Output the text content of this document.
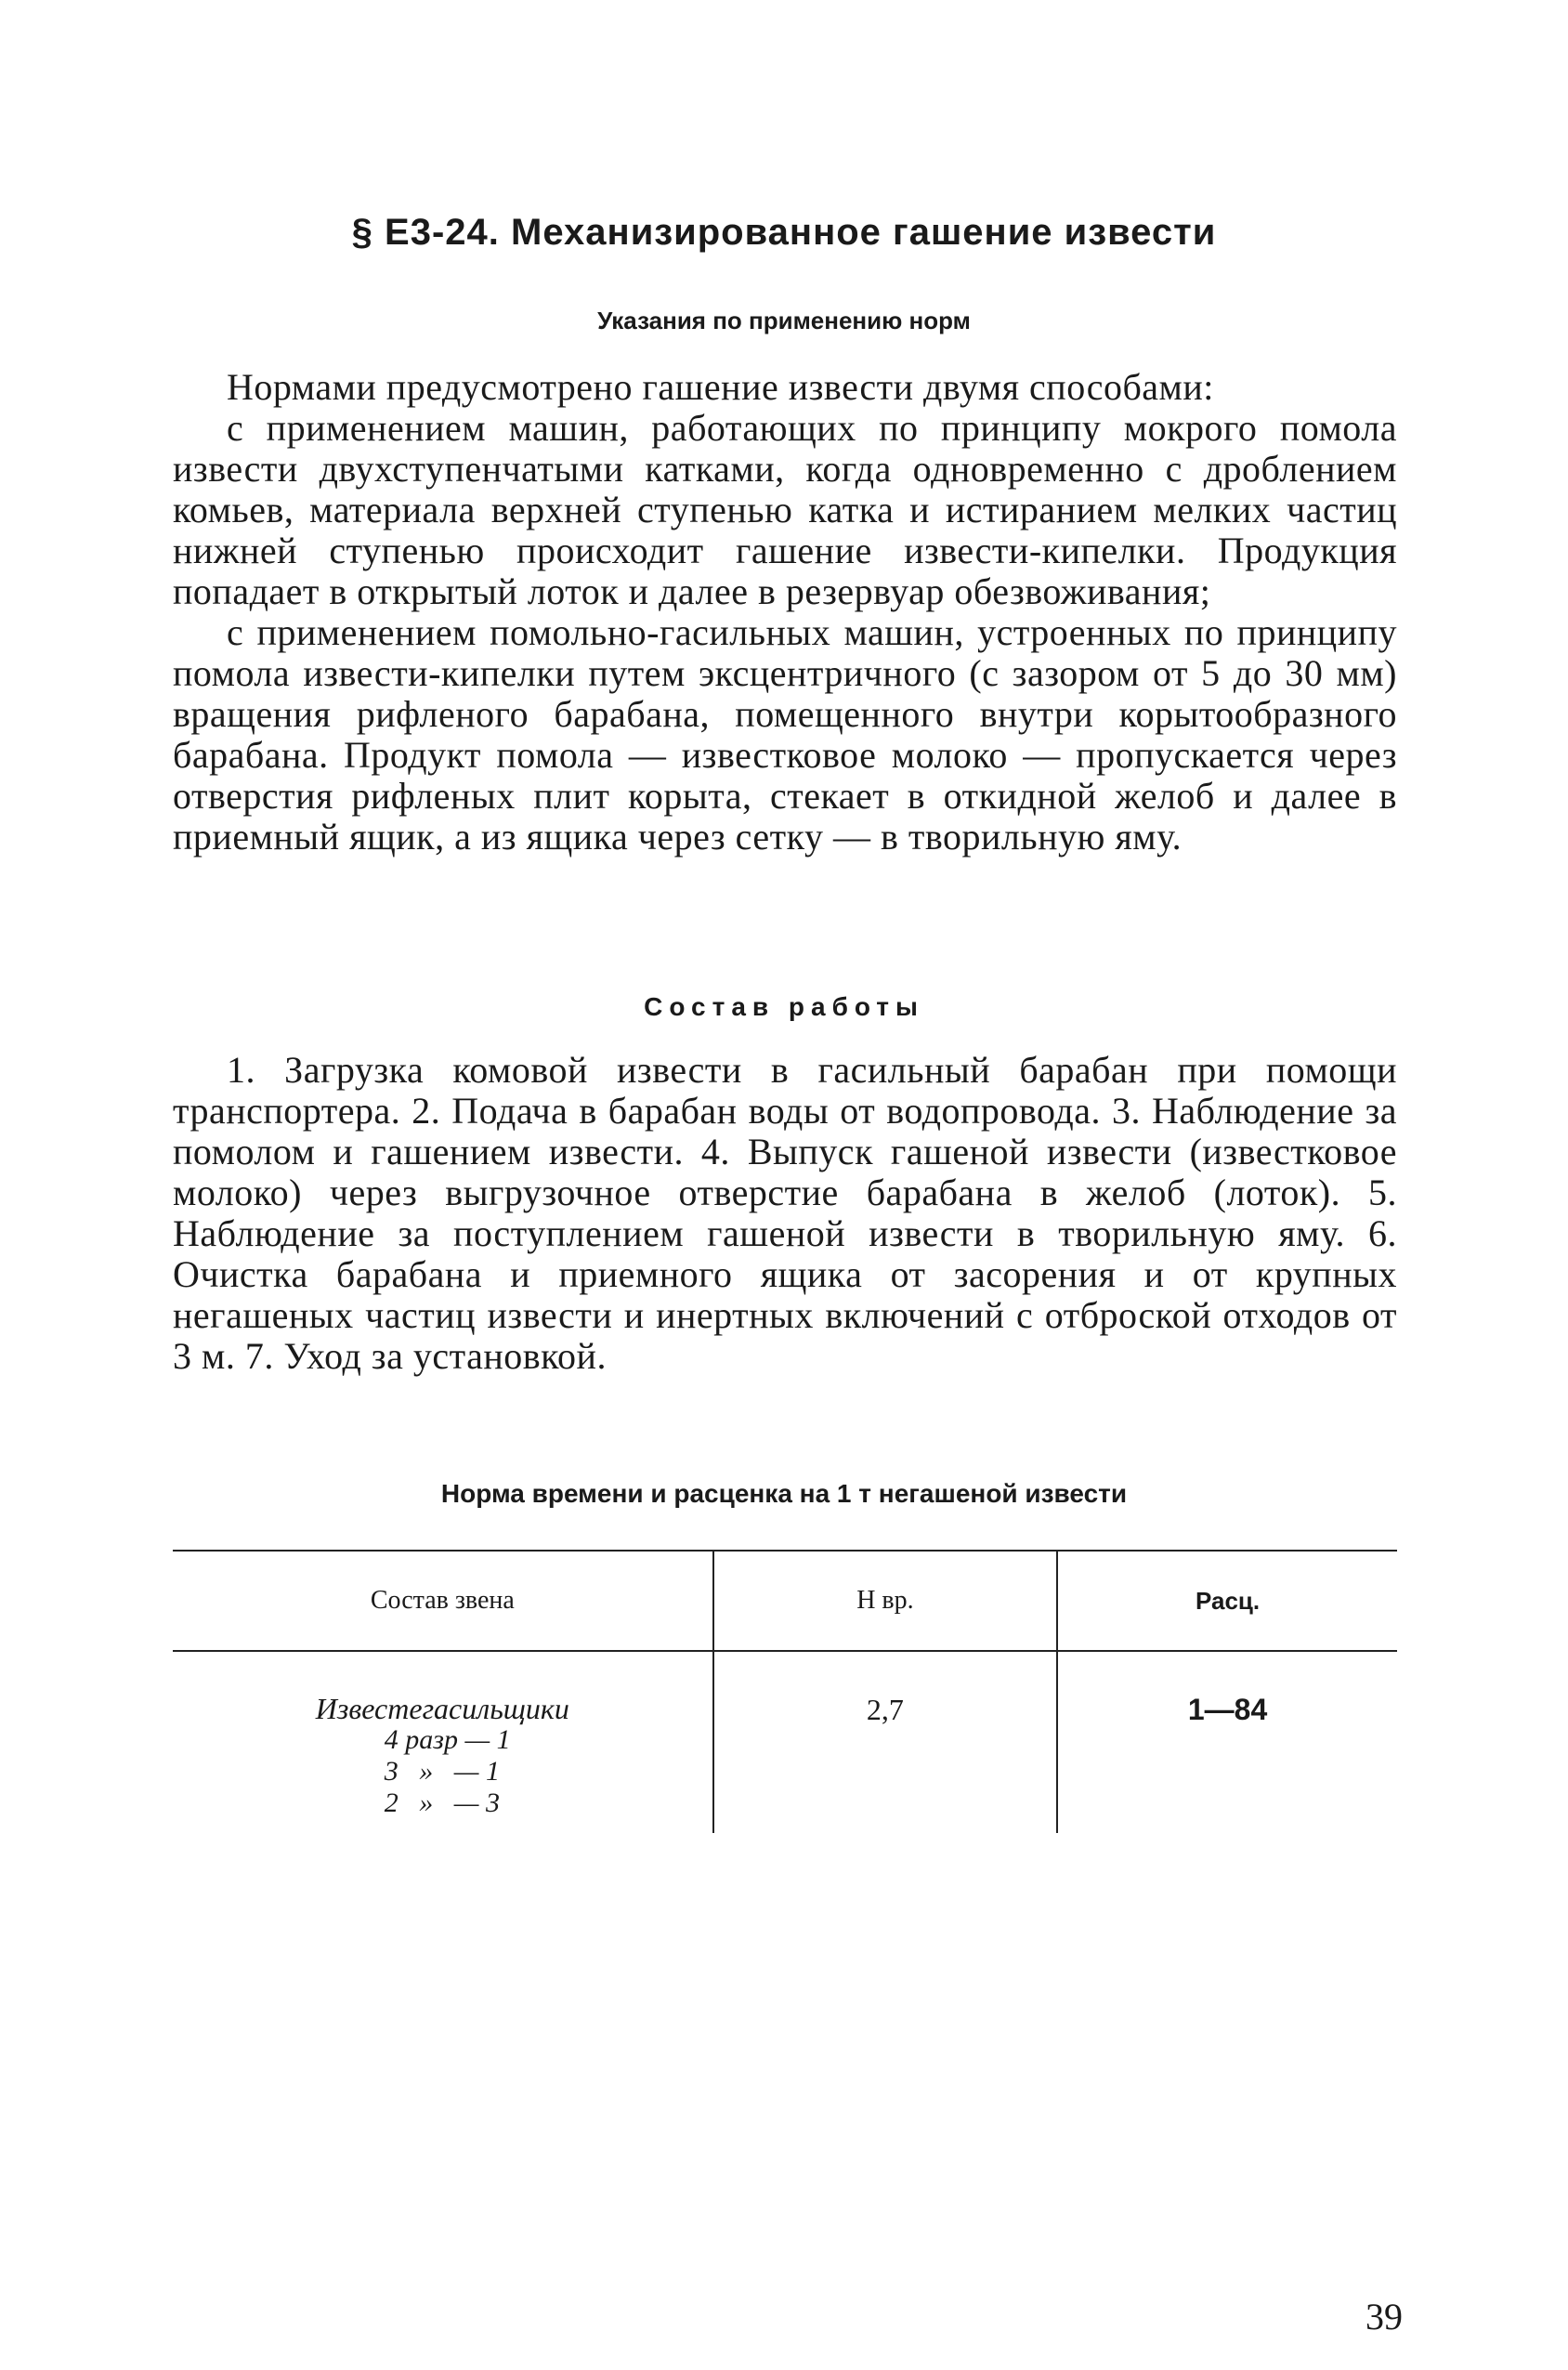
§ Е3-24. Механизированное гашение извести
Указания по применению норм

Нормами предусмотрено гашение извести двумя способами:

с применением машин, работающих по принципу мокрого помола извести двухступенчатыми катками, когда одновременно с дроблением комьев, материала верхней ступенью катка и истиранием мелких частиц нижней ступенью происходит гашение извести-кипелки. Продукция попадает в открытый лоток и далее в резервуар обезвоживания;

с применением помольно-гасильных машин, устроенных по принципу помола извести-кипелки путем эксцентричного (с зазором от 5 до 30 мм) вращения рифленого барабана, помещенного внутри корытообразного барабана. Продукт помола — известковое молоко — пропускается через отверстия рифленых плит корыта, стекает в откидной желоб и далее в приемный ящик, а из ящика через сетку — в творильную яму.

Состав работы

1. Загрузка комовой извести в гасильный барабан при помощи транспортера. 2. Подача в барабан воды от водопровода. 3. Наблюдение за помолом и гашением извести. 4. Выпуск гашеной извести (известковое молоко) через выгрузочное отверстие барабана в желоб (лоток). 5. Наблюдение за поступлением гашеной извести в творильную яму. 6. Очистка барабана и приемного ящика от засорения и от крупных негашеных частиц извести и инертных включений с отброской отходов от 3 м. 7. Уход за установкой.

Норма времени и расценка на 1 т негашеной извести
Состав звена	Н вр.	Расц.

Известегасильщики
4 разр — 1
3   »   — 1
2   »   — 3	2,7	1—84
39
